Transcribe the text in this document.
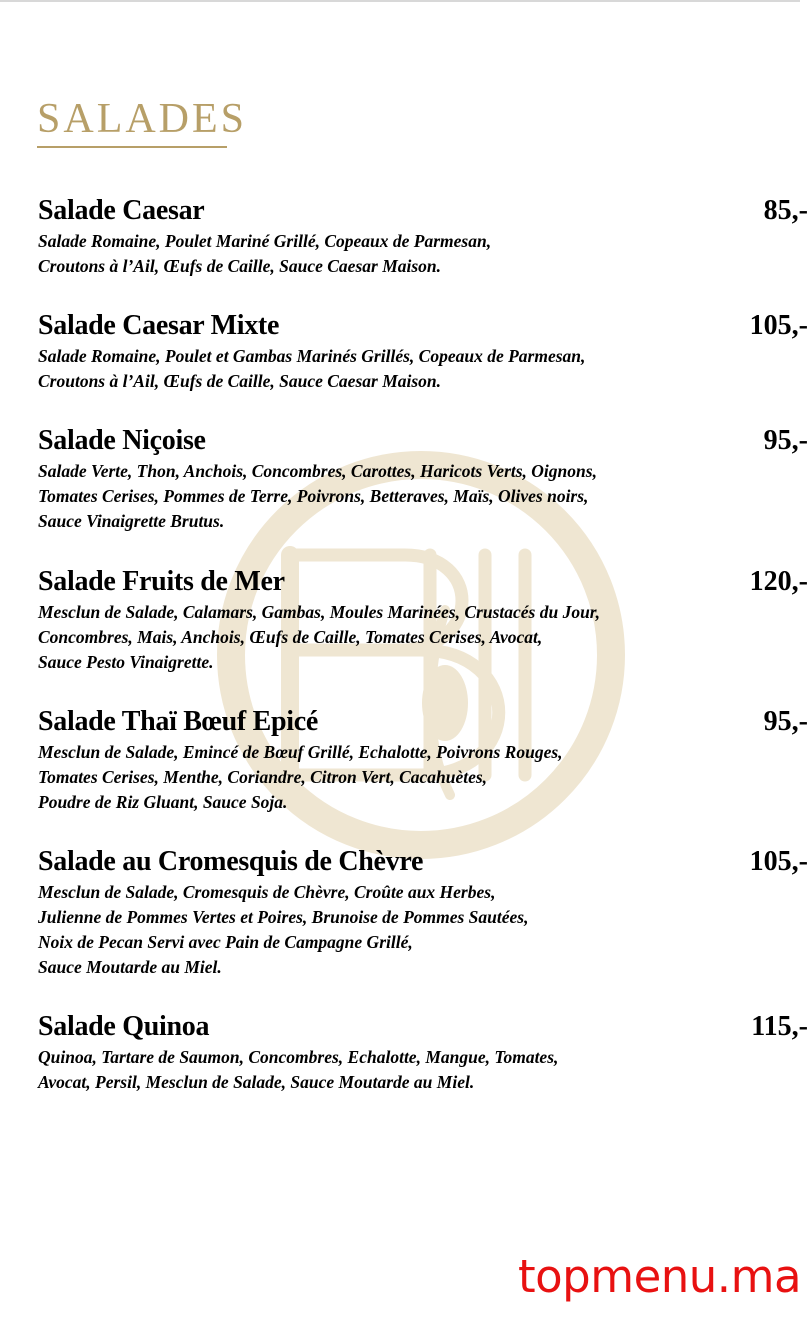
SALADES
Salade Caesar	85,-
Salade Romaine, Poulet Mariné Grillé, Copeaux de Parmesan,
Croutons à l’Ail, Œufs de Caille, Sauce Caesar Maison.
Salade Caesar Mixte	105,-
Salade Romaine, Poulet et Gambas Marinés Grillés, Copeaux de Parmesan,
Croutons à l’Ail, Œufs de Caille, Sauce Caesar Maison.
Salade Niçoise	95,-
Salade Verte, Thon, Anchois, Concombres, Carottes, Haricots Verts, Oignons,
Tomates Cerises, Pommes de Terre, Poivrons, Betteraves, Maïs, Olives noirs,
Sauce Vinaigrette Brutus.
Salade Fruits de Mer	120,-
Mesclun de Salade, Calamars, Gambas, Moules Marinées, Crustacés du Jour,
Concombres, Mais, Anchois, Œufs de Caille, Tomates Cerises, Avocat,
Sauce Pesto Vinaigrette.
Salade Thaï Bœuf Epicé	95,-
Mesclun de Salade, Emincé de Bœuf Grillé, Echalotte, Poivrons Rouges,
Tomates Cerises, Menthe, Coriandre, Citron Vert, Cacahuètes,
Poudre de Riz Gluant, Sauce Soja.
Salade au Cromesquis de Chèvre	105,-
Mesclun de Salade, Cromesquis de Chèvre, Croûte aux Herbes,
Julienne de Pommes Vertes et Poires, Brunoise de Pommes Sautées,
Noix de Pecan Servi avec Pain de Campagne Grillé,
Sauce Moutarde au Miel.
Salade Quinoa	115,-
Quinoa, Tartare de Saumon, Concombres, Echalotte, Mangue, Tomates,
Avocat, Persil, Mesclun de Salade, Sauce Moutarde au Miel.
topmenu.ma
